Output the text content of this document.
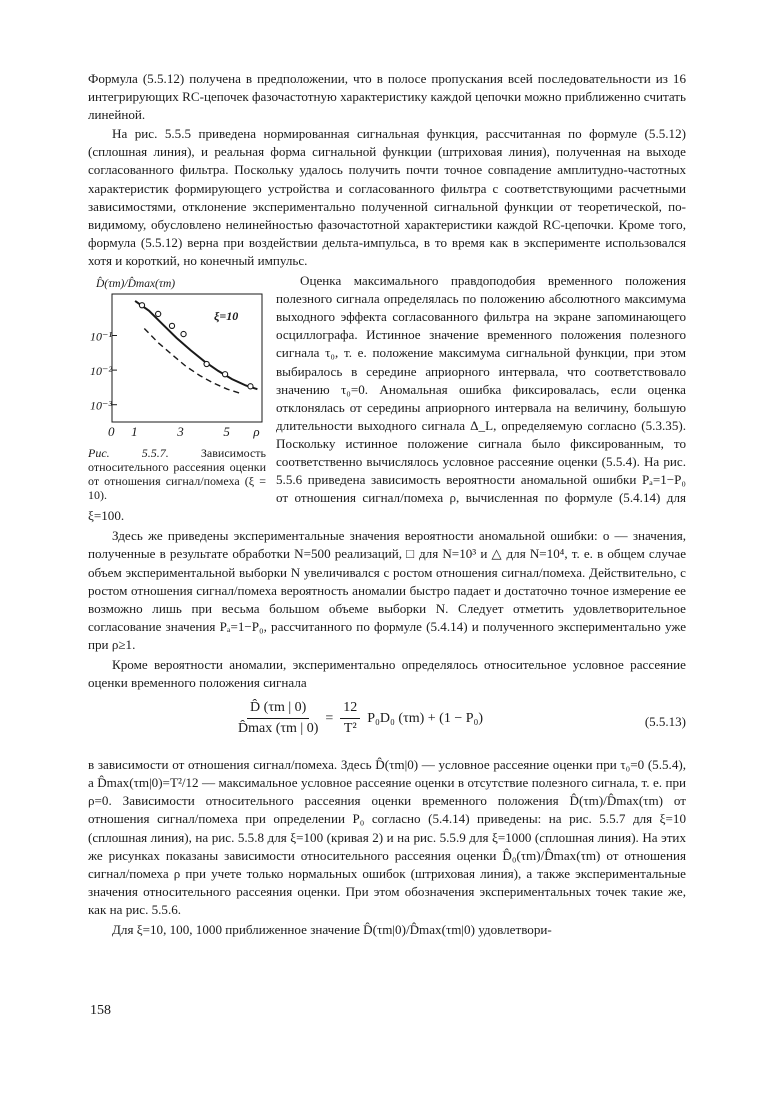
Формула (5.5.12) получена в предположении, что в полосе пропускания всей последовательности из 16 интегрирующих RC-цепочек фазочастотную характеристику каждой цепочки можно приближенно считать линейной.

На рис. 5.5.5 приведена нормированная сигнальная функция, рассчитанная по формуле (5.5.12) (сплошная линия), и реальная форма сигнальной функции (штриховая линия), полученная на выходе согласованного фильтра. Поскольку удалось получить почти точное совпадение амплитудно-частотных характеристик формирующего устройства и согласованного фильтра с соответствующими расчетными зависимостями, отклонение экспериментально полученной сигнальной функции от теоретической, по-видимому, обусловлено нелинейностью фазочастотной характеристики каждой RC-цепочки. Кроме того, формула (5.5.12) верна при воздействии дельта-импульса, в то время как в эксперименте использовался хотя и короткий, но конечный импульс.

D̂(τm)/D̂max(τm)
ξ=10
0 1	3	5 ρ
10⁻¹
10⁻²
10⁻³
Рис. 5.5.7.	Зависимость относительного рассеяния оценки от отношения сигнал/помеха (ξ = 10).

Оценка максимального правдоподобия временного положения полезного сигнала определялась по положению абсолютного максимума выходного эффекта согласованного фильтра на экране запоминающего осциллографа. Истинное значение временного положения полезного сигнала τ₀, т. е. положение максимума сигнальной функции, при этом выбиралось в середине априорного интервала, что соответствовало значению τ₀=0. Аномальная ошибка фиксировалась, если оценка отклонялась от середины априорного интервала на величину, большую длительности выходного сигнала Δ_L, определяемую согласно (5.3.35). Поскольку истинное положение сигнала было фиксированным, то соответственно вычислялось условное рассеяние оценки (5.5.4). На рис. 5.5.6 приведена зависимость вероятности аномальной ошибки Pₐ=1−P₀ от отношения сигнал/помеха ρ, вычисленная по формуле (5.4.14) для ξ=100.

Здесь же приведены экспериментальные значения вероятности аномальной ошибки: о — значения, полученные в результате обработки N=500 реализаций, □ для N=10³ и △ для N=10⁴, т. е. в общем случае объем экспериментальной выборки N увеличивался с ростом отношения сигнал/помеха. Действительно, с ростом отношения сигнал/помеха вероятность аномалии быстро падает и достаточно точное измерение ее возможно лишь при весьма большом объеме выборки N. Следует отметить удовлетворительное согласование значения Pₐ=1−P₀, рассчитанного по формуле (5.4.14) и полученного экспериментально уже при ρ≥1.

Кроме вероятности аномалии, экспериментально определялось относительное условное рассеяние оценки временного положения сигнала

$\frac{D̂ (\tau m | 0)}{D̂\max (\tau m | 0)} = \frac{12}{\text{T²}} P_0D_0$ (τm) + (1 − P₀)	(5.5.13)

в зависимости от отношения сигнал/помеха. Здесь D̂(τm|0) — условное рассеяние оценки при τ₀=0 (5.5.4), а D̂max(τm|0)=T²/12 — максимальное условное рассеяние оценки в отсутствие полезного сигнала, т. е. при ρ=0. Зависимости относительного рассеяния оценки временного положения D̂(τm)/D̂max(τm) от отношения сигнал/помеха при определении P₀ согласно (5.4.14) приведены: на рис. 5.5.7 для ξ=10 (сплошная линия), на рис. 5.5.8 для ξ=100 (кривая 2) и на рис. 5.5.9 для ξ=1000 (сплошная линия). На этих же рисунках показаны зависимости относительного рассеяния оценки D̂₀(τm)/D̂max(τm) от отношения сигнал/помеха ρ при учете только нормальных ошибок (штриховая линия), а также экспериментальные значения относительного рассеяния оценки. При этом обозначения экспериментальных точек такие же, как на рис. 5.5.6.

Для ξ=10, 100, 1000 приближенное значение D̂(τm|0)/D̂max(τm|0) удовлетвори-

158
